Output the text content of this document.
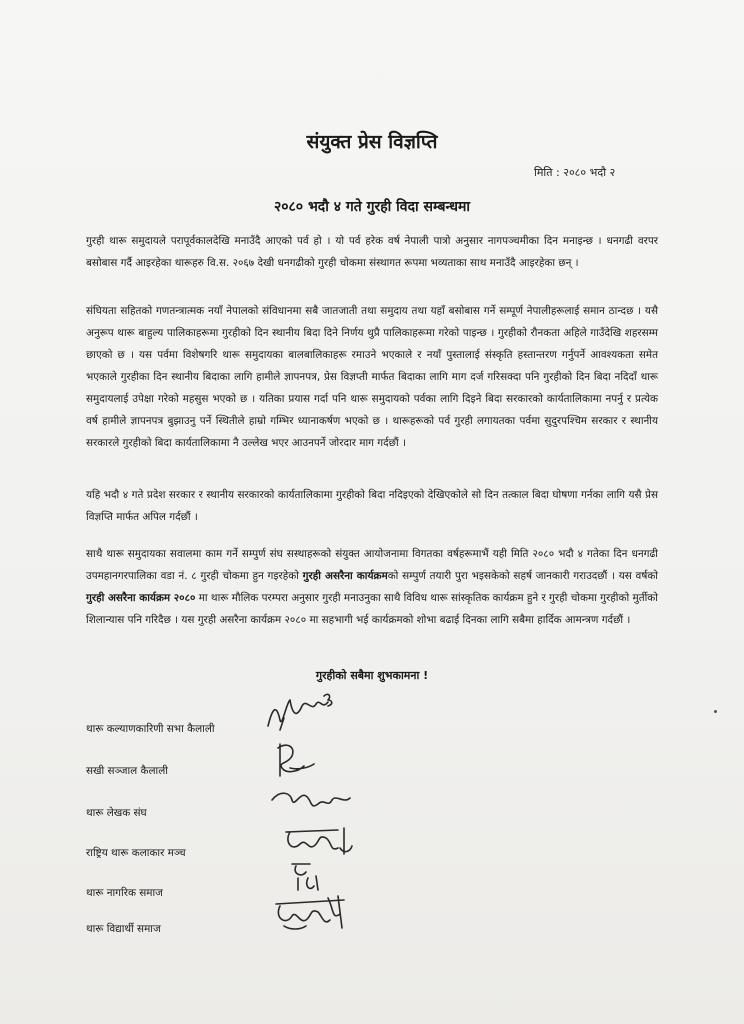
संयुक्त प्रेस विज्ञप्ति
मिति : २०८० भदौ २
२०८० भदौ ४ गते गुरही विदा सम्बन्धमा

गुरही थारू समुदायले परापूर्वकालदेखि मनाउँदै आएको पर्व हो । यो पर्व हरेक वर्ष नेपाली पात्रो अनुसार नागपञ्चमीका दिन मनाइन्छ । धनगढी वरपर बसोबास गर्दै आइरहेका थारूहरु वि.स. २०६७ देखी धनगढीको गुरही चोकमा संस्थागत रूपमा भव्यताका साथ मनाउँदै आइरहेका छन् ।

संघियता सहितको गणतन्त्रात्मक नयाँ नेपालको संविधानमा सबै जातजाती तथा समुदाय तथा यहाँ बसोबास गर्ने सम्पूर्ण नेपालीहरूलाई समान ठान्दछ । यसै अनुरूप थारू बाहुल्य पालिकाहरूमा गुरहीको दिन स्थानीय बिदा दिने निर्णय थुप्रै पालिकाहरूमा गरेको पाइन्छ । गुरहीको रौनकता अहिले गाउँदेखि शहरसम्म छाएको छ । यस पर्वमा विशेषगरि थारू समुदायका बालबालिकाहरू रमाउने भएकाले र नयाँ पुस्तालाई संस्कृति हस्तान्तरण गर्नुपर्ने आवश्यकता समेत भएकाले गुरहीका दिन स्थानीय बिदाका लागि हामीले ज्ञापनपत्र, प्रेस विज्ञप्ती मार्फत बिदाका लागि माग दर्ज गरिसक्दा पनि गुरहीको दिन बिदा नदिदाँ थारू समुदायलाई उपेक्षा गरेको महसुस भएको छ । यतिका प्रयास गर्दा पनि थारू समुदायको पर्वका लागि दिइने बिदा सरकारको कार्यतालिकामा नपर्नु र प्रत्येक वर्ष हामीले ज्ञापनपत्र बुझाउनु पर्ने स्थितीले हाम्रो गम्भिर ध्यानाकर्षण भएको छ । थारूहरूको पर्व गुरही लगायतका पर्वमा सुदुरपश्चिम सरकार र स्थानीय सरकारले गुरहीको बिदा कार्यतालिकामा नै उल्लेख भएर आउनपर्ने जोरदार माग गर्दछौं ।

यहि भदौ ४ गते प्रदेश सरकार र स्थानीय सरकारको कार्यतालिकामा गुरहीको बिदा नदिइएको देखिएकोले सो दिन तत्काल बिदा घोषणा गर्नका लागि यसै प्रेस विज्ञप्ति मार्फत अपिल गर्दछौं ।

साथै थारू समुदायका सवालमा काम गर्ने सम्पुर्ण संघ सस्थाहरूको संयुक्त आयोजनामा विगतका वर्षहरूमाभैं यही मिति २०८० भदौ ४ गतेका दिन धनगढी उपमहानगरपालिका वडा नं. ८ गुरही चोकमा हुन गइरहेको गुरही असरैना कार्यक्रमको सम्पुर्ण तयारी पुरा भइसकेको सहर्ष जानकारी गराउदछौं । यस वर्षको गुरही असरैना कार्यक्रम २०८० मा थारू मौलिक परम्परा अनुसार गुरही मनाउनुका साथै विविध थारू सांस्कृतिक कार्यक्रम हुने र गुरही चोकमा गुरहीको मुर्तीको शिलान्यास पनि गरिदैछ । यस गुरही असरैना कार्यक्रम २०८० मा सहभागी भई कार्यक्रमको शोभा बढाई दिनका लागि सबैमा हार्दिक आमन्त्रण गर्दछौं ।

गुरहीको सबैमा शुभकामना !
थारू कल्याणकारिणी सभा कैलाली
सखी सञ्जाल कैलाली
थारू लेखक संघ
राष्ट्रिय थारू कलाकार मञ्च
थारू नागरिक समाज
थारू विद्यार्थी समाज
